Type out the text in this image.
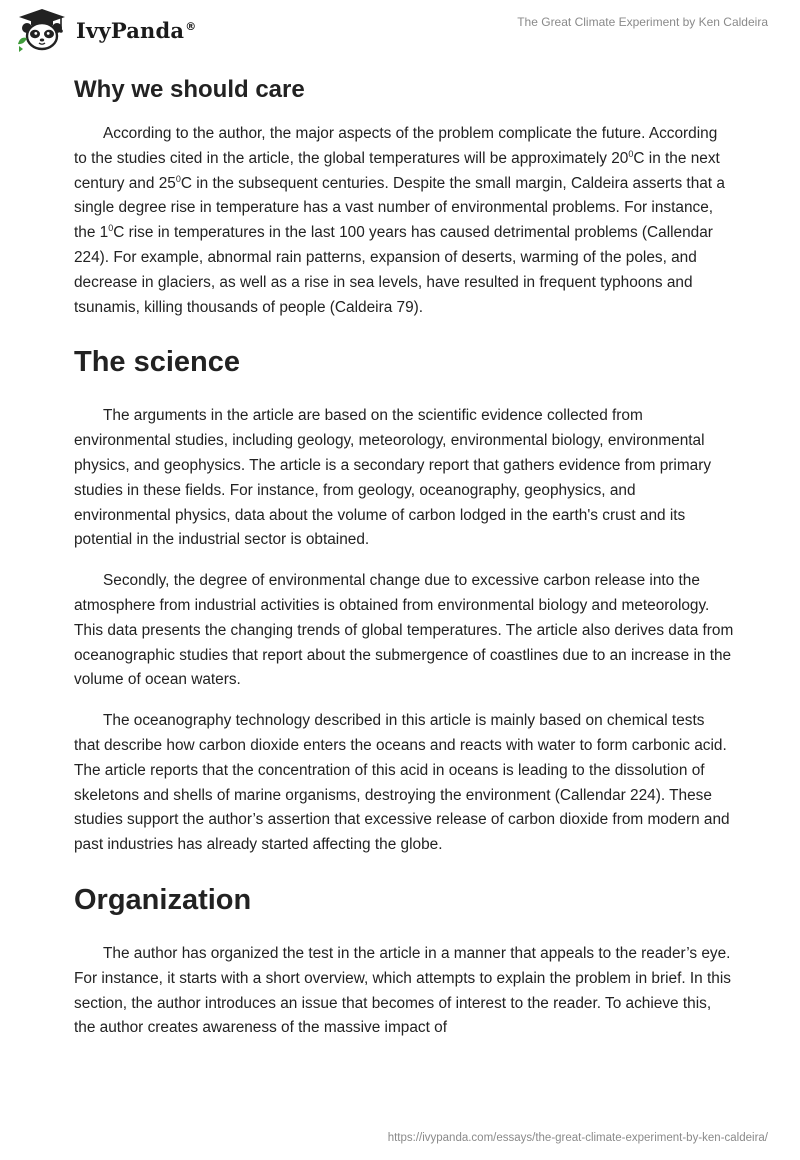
IvyPanda®	The Great Climate Experiment by Ken Caldeira
Why we should care

According to the author, the major aspects of the problem complicate the future. According to the studies cited in the article, the global temperatures will be approximately $20^0C$ in the next century and $25^0C$ in the subsequent centuries. Despite the small margin, Caldeira asserts that a single degree rise in temperature has a vast number of environmental problems. For instance, the $1^0C$ rise in temperatures in the last 100 years has caused detrimental problems (Callendar 224). For example, abnormal rain patterns, expansion of deserts, warming of the poles, and decrease in glaciers, as well as a rise in sea levels, have resulted in frequent typhoons and tsunamis, killing thousands of people (Caldeira 79).

The science

The arguments in the article are based on the scientific evidence collected from environmental studies, including geology, meteorology, environmental biology, environmental physics, and geophysics. The article is a secondary report that gathers evidence from primary studies in these fields. For instance, from geology, oceanography, geophysics, and environmental physics, data about the volume of carbon lodged in the earth's crust and its potential in the industrial sector is obtained.

Secondly, the degree of environmental change due to excessive carbon release into the atmosphere from industrial activities is obtained from environmental biology and meteorology. This data presents the changing trends of global temperatures. The article also derives data from oceanographic studies that report about the submergence of coastlines due to an increase in the volume of ocean waters.

The oceanography technology described in this article is mainly based on chemical tests that describe how carbon dioxide enters the oceans and reacts with water to form carbonic acid. The article reports that the concentration of this acid in oceans is leading to the dissolution of skeletons and shells of marine organisms, destroying the environment (Callendar 224). These studies support the author’s assertion that excessive release of carbon dioxide from modern and past industries has already started affecting the globe.

Organization

The author has organized the test in the article in a manner that appeals to the reader’s eye. For instance, it starts with a short overview, which attempts to explain the problem in brief. In this section, the author introduces an issue that becomes of interest to the reader. To achieve this, the author creates awareness of the massive impact of

https://ivypanda.com/essays/the-great-climate-experiment-by-ken-caldeira/
